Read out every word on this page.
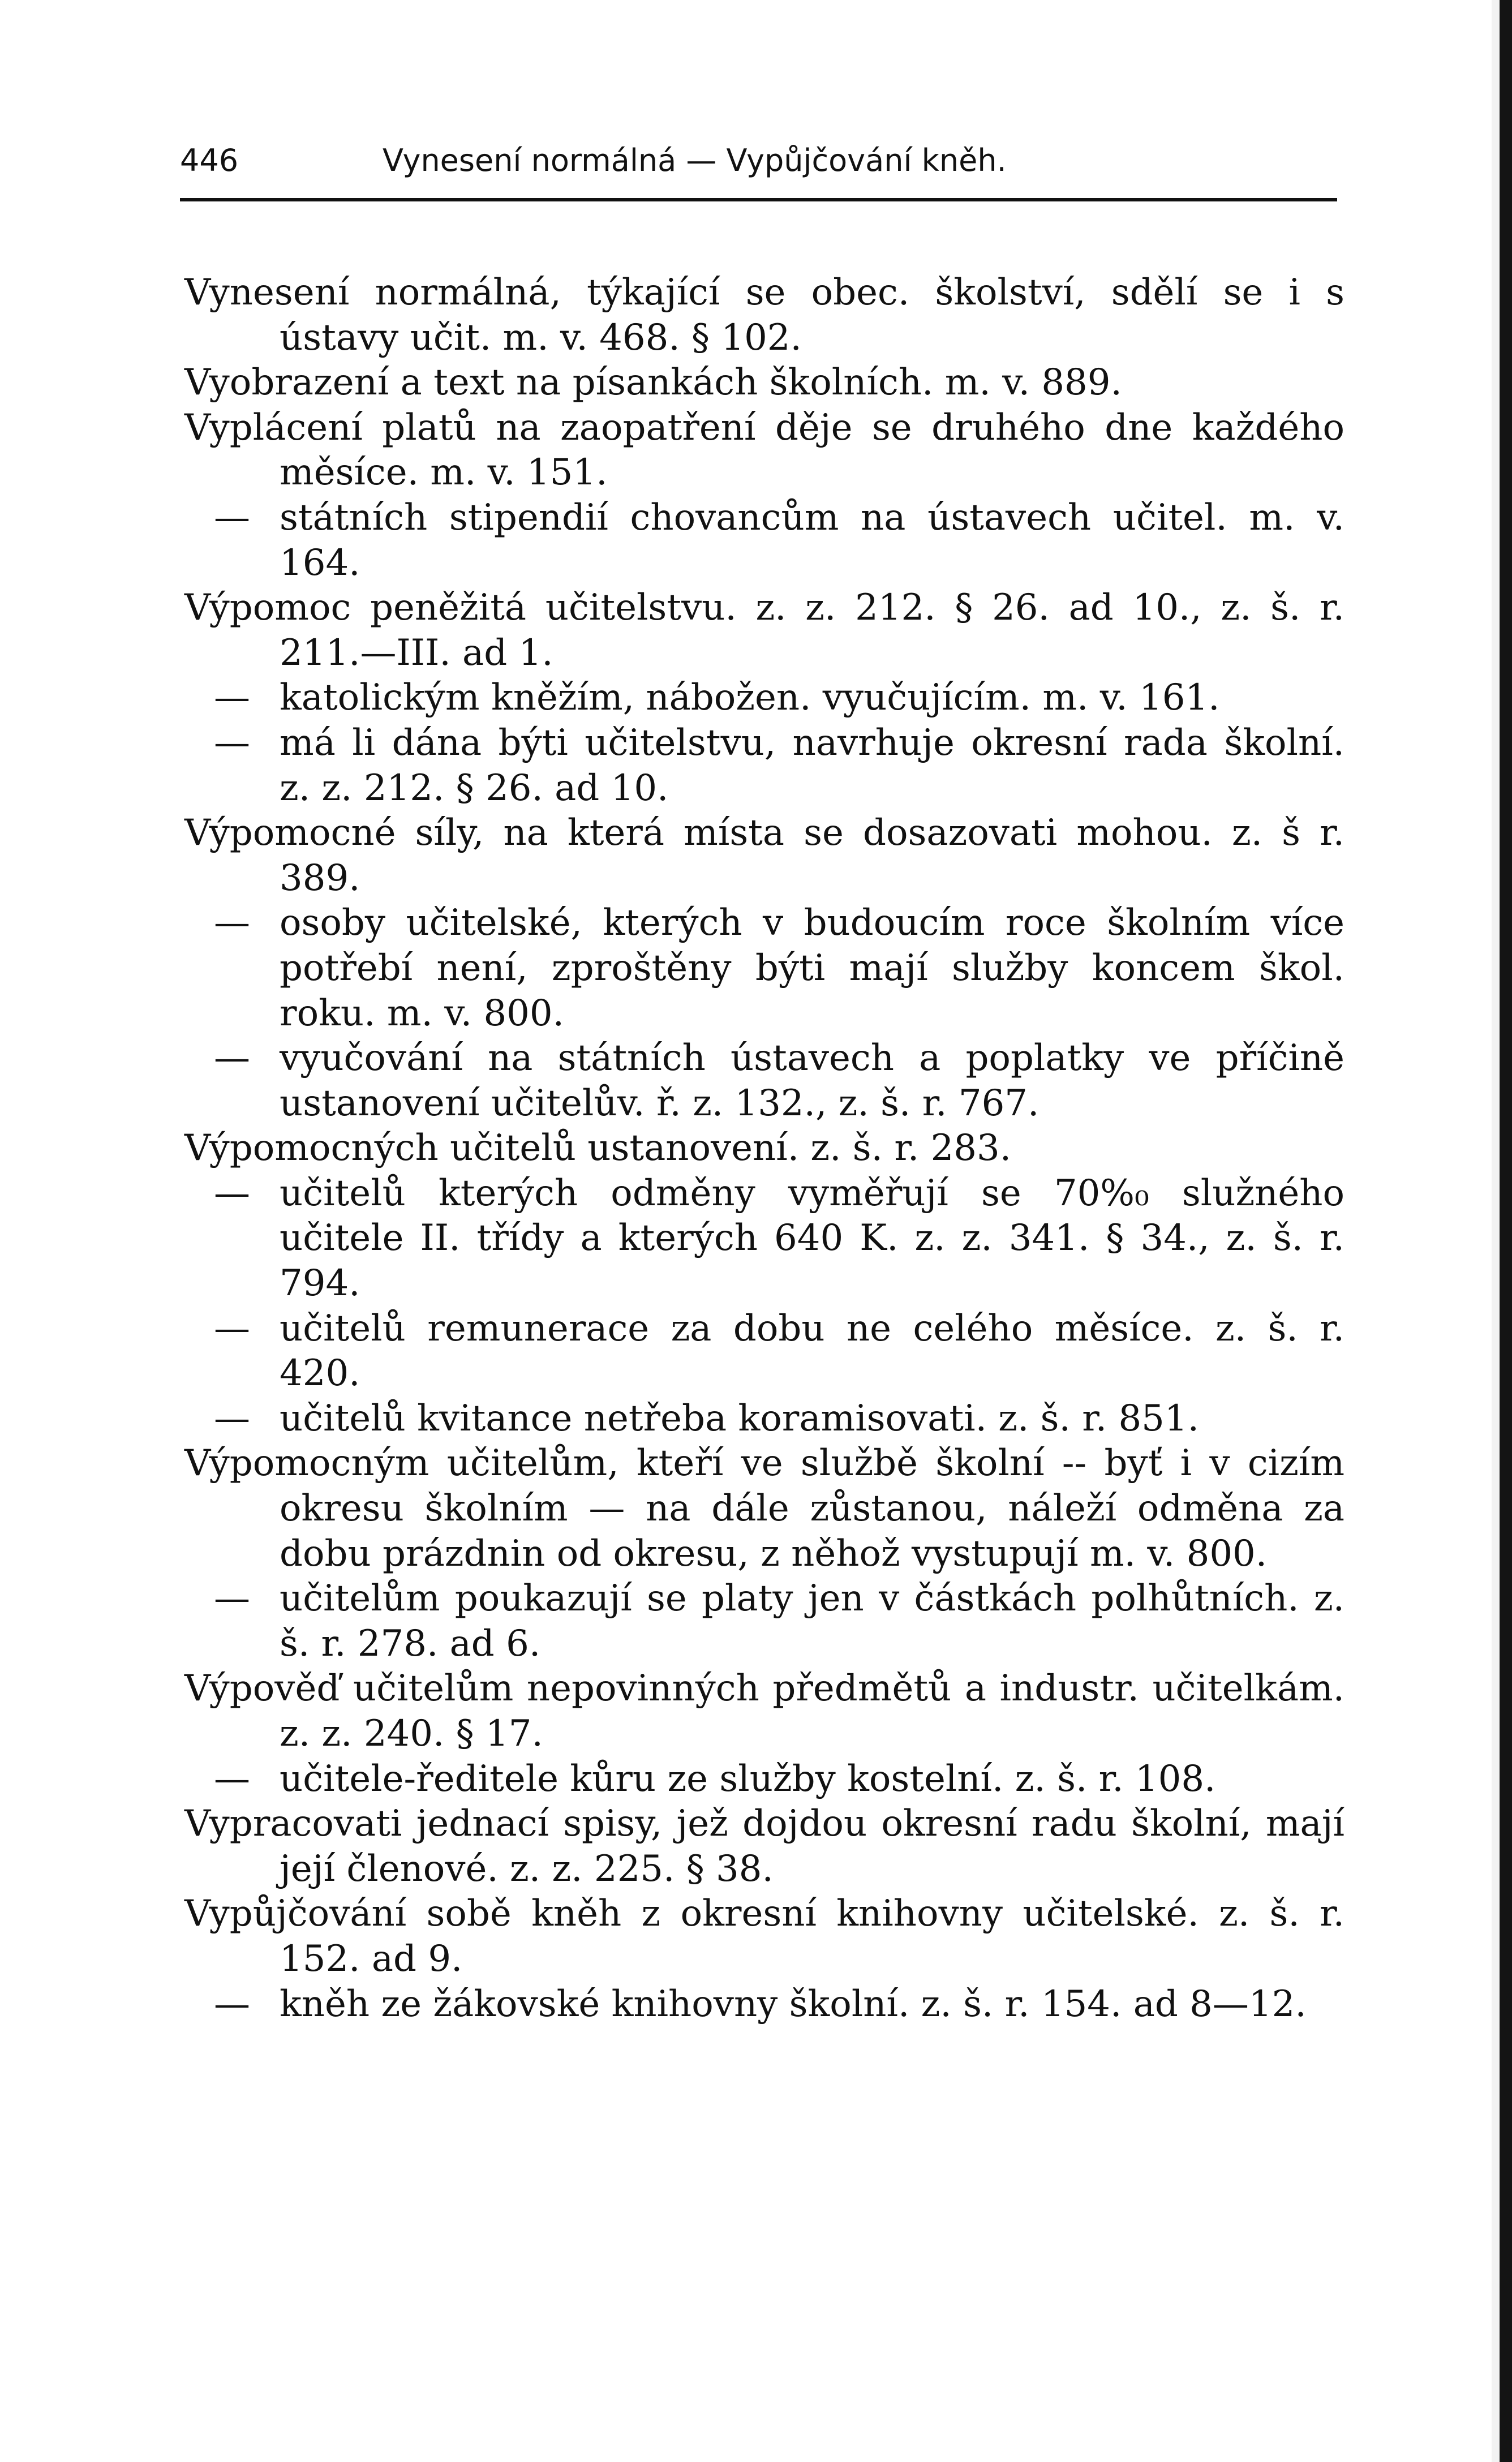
446	Vynesení normálná — Vypůjčování kněh.
Vynesení normálná, týkající se obec. školství, sdělí se i s ústavy učit. m. v. 468. § 102.
Vyobrazení a text na písankách školních. m. v. 889.
Vyplácení platů na zaopatření děje se druhého dne každého měsíce. m. v. 151.
— státních stipendií chovancům na ústavech učitel. m. v. 164.
Výpomoc peněžitá učitelstvu. z. z. 212. § 26. ad 10., z. š. r. 211.—III. ad 1.
— katolickým kněžím, nábožen. vyučujícím. m. v. 161.
— má li dána býti učitelstvu, navrhuje okresní rada školní. z. z. 212. § 26. ad 10.
Výpomocné síly, na která místa se dosazovati mohou. z. š r. 389.
— osoby učitelské, kterých v budoucím roce školním více potřebí není, zproštěny býti mají služby koncem škol. roku. m. v. 800.
— vyučování na státních ústavech a poplatky ve příčině ustanovení učitelův. ř. z. 132., z. š. r. 767.
Výpomocných učitelů ustanovení. z. š. r. 283.
— učitelů kterých odměny vyměřují se 70%₀ služného učitele II. třídy a kterých 640 K. z. z. 341. § 34., z. š. r. 794.
— učitelů remunerace za dobu ne celého měsíce. z. š. r. 420.
— učitelů kvitance netřeba koramisovati. z. š. r. 851.
Výpomocným učitelům, kteří ve službě školní -- byť i v cizím okresu školním — na dále zůstanou, náleží odměna za dobu prázdnin od okresu, z něhož vystupují m. v. 800.
— učitelům poukazují se platy jen v částkách polhůtních. z. š. r. 278. ad 6.
Výpověď učitelům nepovinných předmětů a industr. učitelkám. z. z. 240. § 17.
— učitele-ředitele kůru ze služby kostelní. z. š. r. 108.
Vypracovati jednací spisy, jež dojdou okresní radu školní, mají její členové. z. z. 225. § 38.
Vypůjčování sobě kněh z okresní knihovny učitelské. z. š. r. 152. ad 9.
— kněh ze žákovské knihovny školní. z. š. r. 154. ad 8—12.
